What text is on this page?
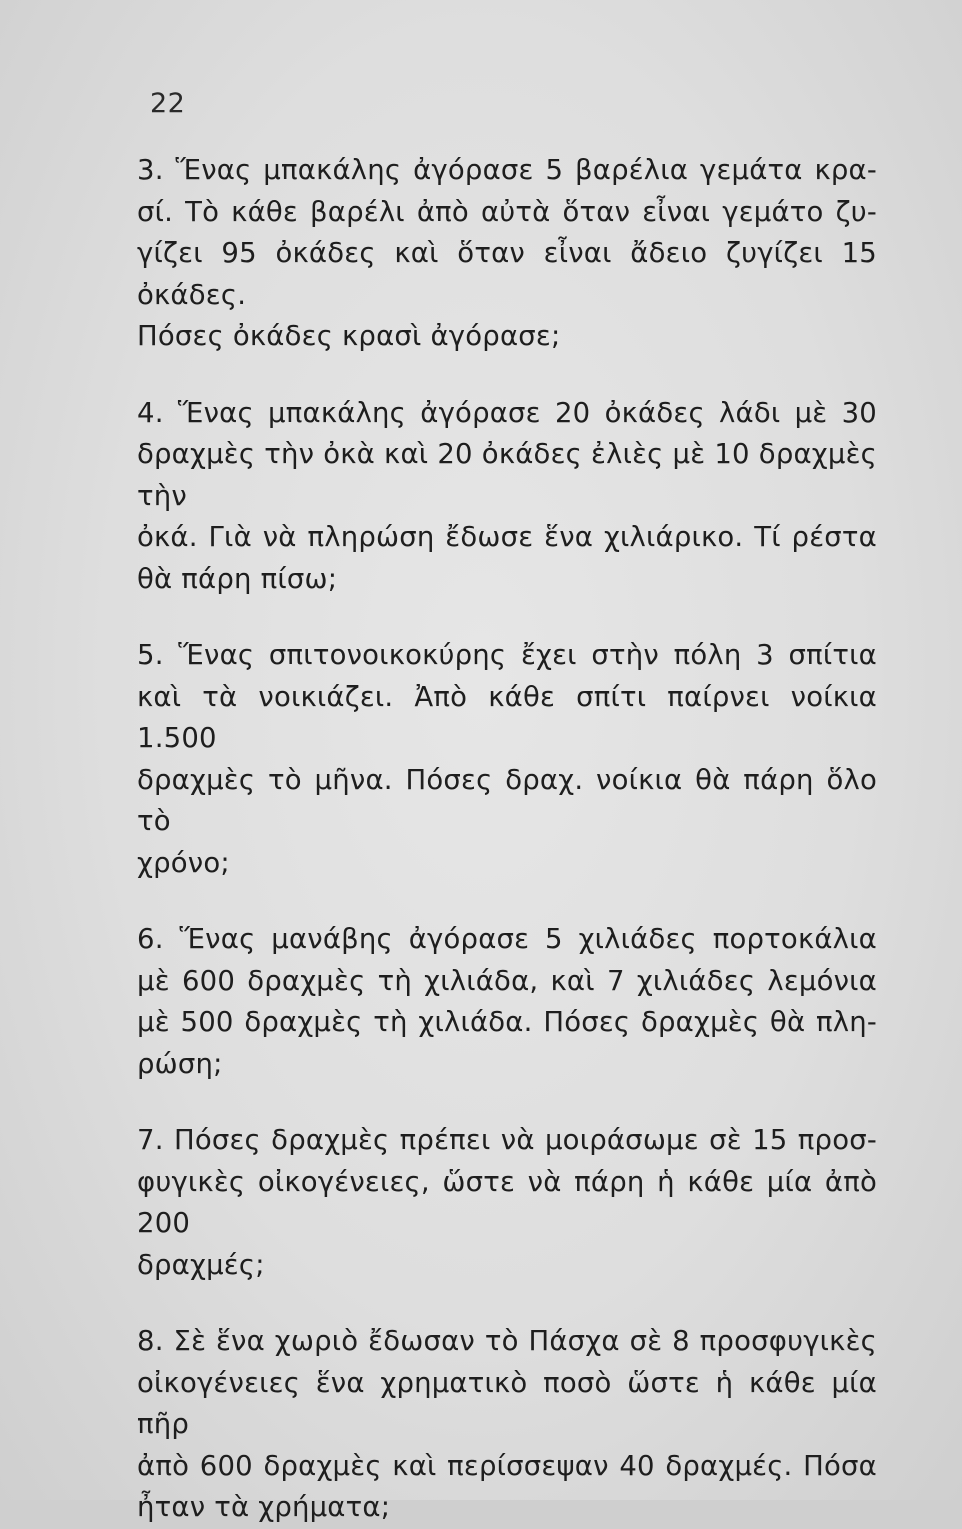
22
3. Ἕνας μπακάλης ἀγόρασε 5 βαρέλια γεμάτα κρα-
σί. Τὸ κάθε βαρέλι ἀπὸ αὐτὰ ὅταν εἶναι γεμάτο ζυ-
γίζει 95 ὀκάδες καὶ ὅταν εἶναι ἄδειο ζυγίζει 15 ὀκάδες.
Πόσες ὀκάδες κρασὶ ἀγόρασε;
4. Ἕνας μπακάλης ἀγόρασε 20 ὀκάδες λάδι μὲ 30
δραχμὲς τὴν ὀκὰ καὶ 20 ὀκάδες ἐλιὲς μὲ 10 δραχμὲς τὴν
ὀκά. Γιὰ νὰ πληρώση ἔδωσε ἕνα χιλιάρικο. Τί ρέστα
θὰ πάρη πίσω;
5. Ἕνας σπιτονοικοκύρης ἔχει στὴν πόλη 3 σπίτια
καὶ τὰ νοικιάζει. Ἀπὸ κάθε σπίτι παίρνει νοίκια 1.500
δραχμὲς τὸ μῆνα. Πόσες δραχ. νοίκια θὰ πάρη ὅλο τὸ
χρόνο;
6. Ἕνας μανάβης ἀγόρασε 5 χιλιάδες πορτοκάλια
μὲ 600 δραχμὲς τὴ χιλιάδα, καὶ 7 χιλιάδες λεμόνια
μὲ 500 δραχμὲς τὴ χιλιάδα. Πόσες δραχμὲς θὰ πλη-
ρώση;
7. Πόσες δραχμὲς πρέπει νὰ μοιράσωμε σὲ 15 προσ-
φυγικὲς οἰκογένειες, ὥστε νὰ πάρη ἡ κάθε μία ἀπὸ 200
δραχμές;
8. Σὲ ἕνα χωριὸ ἔδωσαν τὸ Πάσχα σὲ 8 προσφυγικὲς
οἰκογένειες ἕνα χρηματικὸ ποσὸ ὥστε ἡ κάθε μία πῆρ
ἀπὸ 600 δραχμὲς καὶ περίσσεψαν 40 δραχμές. Πόσα
ἦταν τὰ χρήματα;
